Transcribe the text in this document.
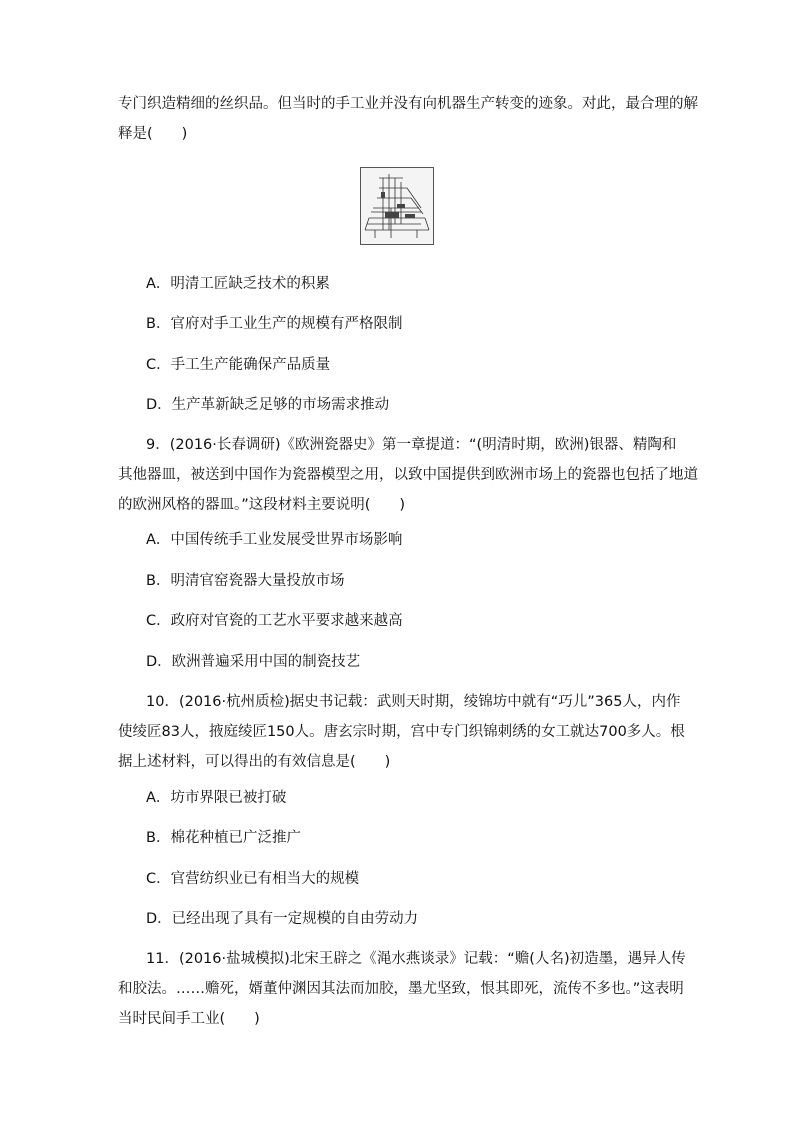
专门织造精细的丝织品。但当时的手工业并没有向机器生产转变的迹象。对此，最合理的解
释是(　　)
A．明清工匠缺乏技术的积累
B．官府对手工业生产的规模有严格限制
C．手工生产能确保产品质量
D．生产革新缺乏足够的市场需求推动
9．(2016·长春调研)《欧洲瓷器史》第一章提道：“(明清时期，欧洲)银器、精陶和
其他器皿，被送到中国作为瓷器模型之用，以致中国提供到欧洲市场上的瓷器也包括了地道
的欧洲风格的器皿。”这段材料主要说明(　　)
A．中国传统手工业发展受世界市场影响
B．明清官窑瓷器大量投放市场
C．政府对官瓷的工艺水平要求越来越高
D．欧洲普遍采用中国的制瓷技艺
10．(2016·杭州质检)据史书记载：武则天时期，绫锦坊中就有“巧儿”365人，内作
使绫匠83人，掖庭绫匠150人。唐玄宗时期，宫中专门织锦刺绣的女工就达700多人。根
据上述材料，可以得出的有效信息是(　　)
A．坊市界限已被打破
B．棉花种植已广泛推广
C．官营纺织业已有相当大的规模
D．已经出现了具有一定规模的自由劳动力
11．(2016·盐城模拟)北宋王辟之《渑水燕谈录》记载：“赡(人名)初造墨，遇异人传
和胶法。……赡死，婿董仲渊因其法而加胶，墨尤坚致，恨其即死，流传不多也。”这表明
当时民间手工业(　　)
